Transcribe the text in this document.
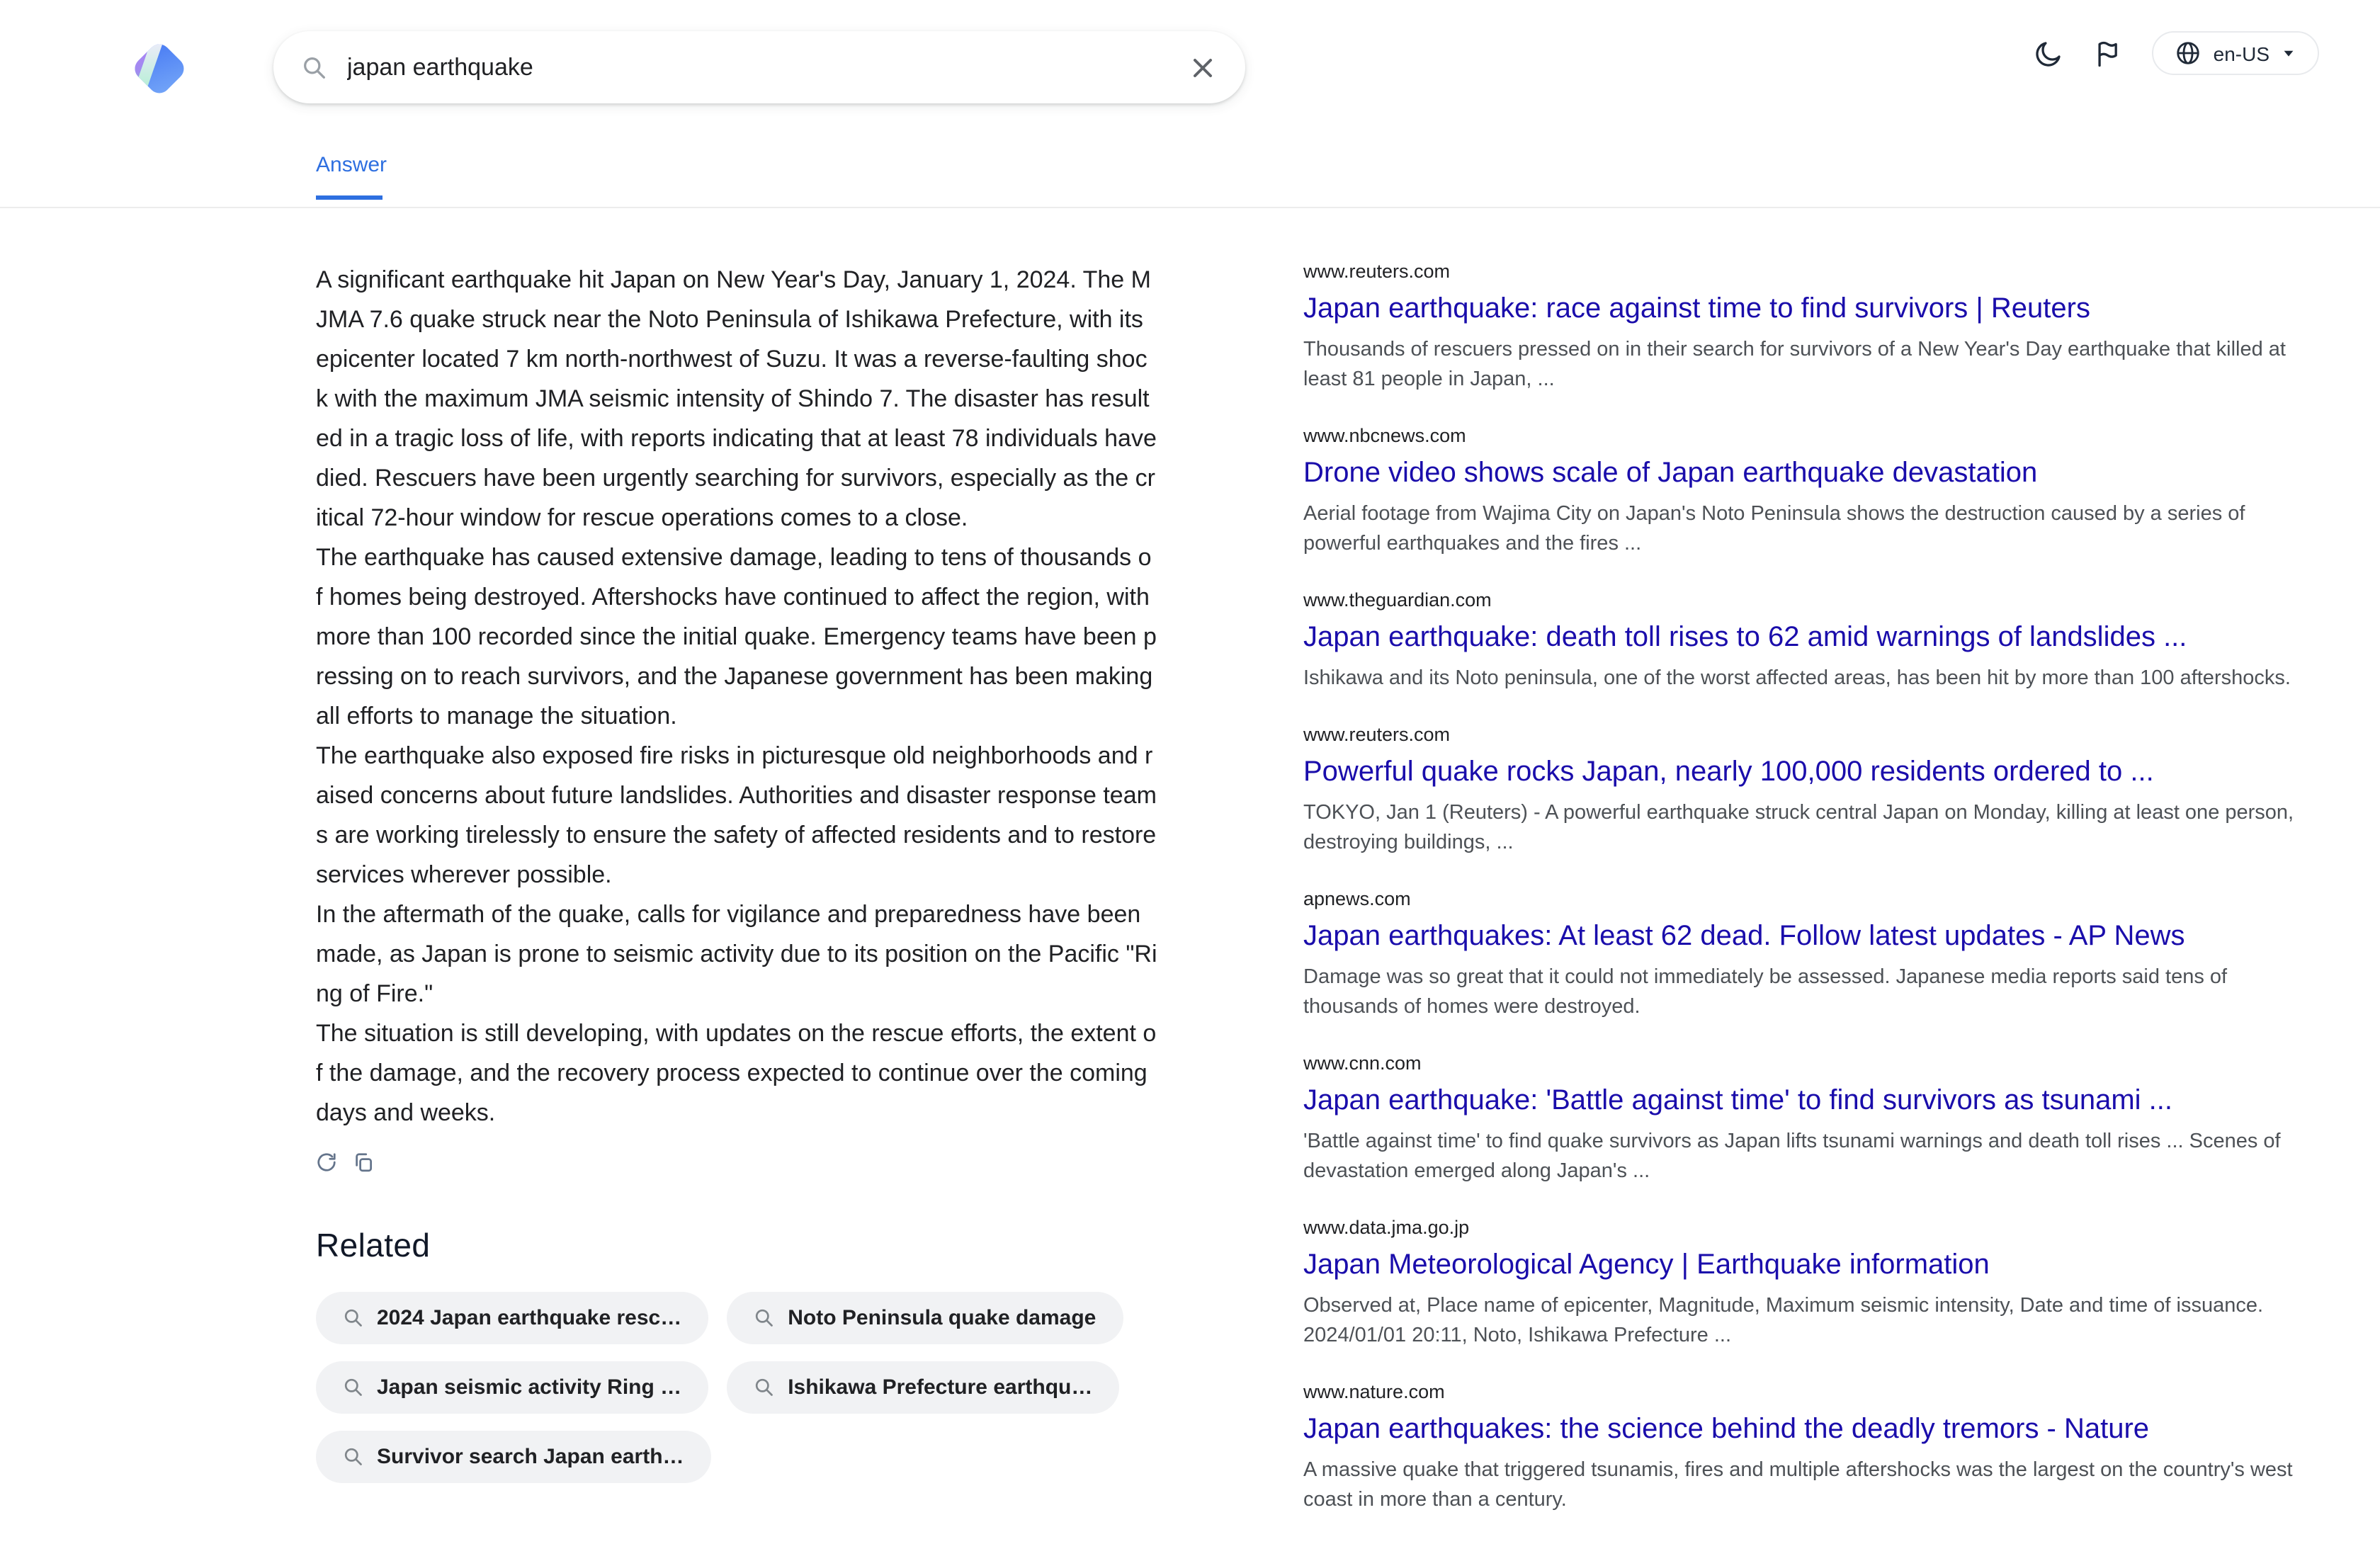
japan earthquake
en-US
Answer

A significant earthquake hit Japan on New Year's Day, January 1, 2024. The MJMA 7.6 quake struck near the Noto Peninsula of Ishikawa Prefecture, with its epicenter located 7 km north-northwest of Suzu. It was a reverse-faulting shock with the maximum JMA seismic intensity of Shindo 7. The disaster has resulted in a tragic loss of life, with reports indicating that at least 78 individuals have died. Rescuers have been urgently searching for survivors, especially as the critical 72-hour window for rescue operations comes to a close.

The earthquake has caused extensive damage, leading to tens of thousands of homes being destroyed. Aftershocks have continued to affect the region, with more than 100 recorded since the initial quake. Emergency teams have been pressing on to reach survivors, and the Japanese government has been making all efforts to manage the situation.

The earthquake also exposed fire risks in picturesque old neighborhoods and raised concerns about future landslides. Authorities and disaster response teams are working tirelessly to ensure the safety of affected residents and to restore services wherever possible.

In the aftermath of the quake, calls for vigilance and preparedness have been made, as Japan is prone to seismic activity due to its position on the Pacific "Ring of Fire."

The situation is still developing, with updates on the rescue efforts, the extent of the damage, and the recovery process expected to continue over the coming days and weeks.

Related
2024 Japan earthquake resc…	Noto Peninsula quake damage
Japan seismic activity Ring …	Ishikawa Prefecture earthqu…
Survivor search Japan earth…
www.reuters.com
Japan earthquake: race against time to find survivors | Reuters
Thousands of rescuers pressed on in their search for survivors of a New Year's Day earthquake that killed at least 81 people in Japan, ...
www.nbcnews.com
Drone video shows scale of Japan earthquake devastation
Aerial footage from Wajima City on Japan's Noto Peninsula shows the destruction caused by a series of powerful earthquakes and the fires ...
www.theguardian.com
Japan earthquake: death toll rises to 62 amid warnings of landslides ...
Ishikawa and its Noto peninsula, one of the worst affected areas, has been hit by more than 100 aftershocks.
www.reuters.com
Powerful quake rocks Japan, nearly 100,000 residents ordered to ...
TOKYO, Jan 1 (Reuters) - A powerful earthquake struck central Japan on Monday, killing at least one person, destroying buildings, ...
apnews.com
Japan earthquakes: At least 62 dead. Follow latest updates - AP News
Damage was so great that it could not immediately be assessed. Japanese media reports said tens of thousands of homes were destroyed.
www.cnn.com
Japan earthquake: 'Battle against time' to find survivors as tsunami ...
'Battle against time' to find quake survivors as Japan lifts tsunami warnings and death toll rises ... Scenes of devastation emerged along Japan's ...
www.data.jma.go.jp
Japan Meteorological Agency | Earthquake information
Observed at, Place name of epicenter, Magnitude, Maximum seismic intensity, Date and time of issuance. 2024/01/01 20:11, Noto, Ishikawa Prefecture ...
www.nature.com
Japan earthquakes: the science behind the deadly tremors - Nature
A massive quake that triggered tsunamis, fires and multiple aftershocks was the largest on the country's west coast in more than a century.
